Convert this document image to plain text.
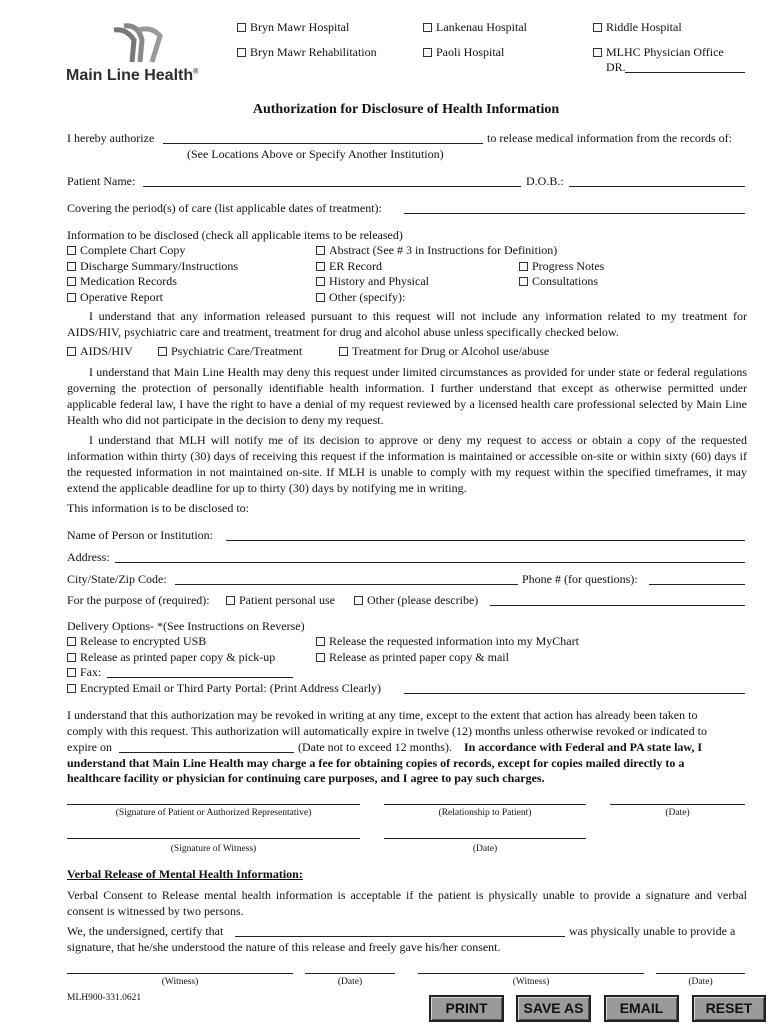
Main Line Health®
Bryn Mawr Hospital	Lankenau Hospital	Riddle Hospital
Bryn Mawr Rehabilitation	Paoli Hospital	MLHC Physician Office
DR.
Authorization for Disclosure of Health Information
I hereby authorize	to release medical information from the records of:
(See Locations Above or Specify Another Institution)
Patient Name:	D.O.B.:
Covering the period(s) of care (list applicable dates of treatment):
Information to be disclosed (check all applicable items to be released)
Complete Chart Copy	Abstract (See # 3 in Instructions for Definition)
Discharge Summary/Instructions	ER Record	Progress Notes
Medication Records	History and Physical	Consultations
Operative Report	Other (specify):
I understand that any information released pursuant to this request will not include any information related to my treatment for AIDS/HIV, psychiatric care and treatment, treatment for drug and alcohol abuse unless specifically checked below.
AIDS/HIV	Psychiatric Care/Treatment	Treatment for Drug or Alcohol use/abuse
I understand that Main Line Health may deny this request under limited circumstances as provided for under state or federal regulations governing the protection of personally identifiable health information. I further understand that except as otherwise permitted under applicable federal law, I have the right to have a denial of my request reviewed by a licensed health care professional selected by Main Line Health who did not participate in the decision to deny my request.
I understand that MLH will notify me of its decision to approve or deny my request to access or obtain a copy of the requested information within thirty (30) days of receiving this request if the information is maintained or accessible on-site or within sixty (60) days if the requested information in not maintained on-site. If MLH is unable to comply with my request within the specified timeframes, it may extend the applicable deadline for up to thirty (30) days by notifying me in writing.
This information is to be disclosed to:
Name of Person or Institution:
Address:
City/State/Zip Code:	Phone # (for questions):
For the purpose of (required):	Patient personal use	Other (please describe)
Delivery Options- *(See Instructions on Reverse)
Release to encrypted USB	Release the requested information into my MyChart
Release as printed paper copy & pick-up	Release as printed paper copy & mail
Fax:
Encrypted Email or Third Party Portal: (Print Address Clearly)
I understand that this authorization may be revoked in writing at any time, except to the extent that action has already been taken to
comply with this request. This authorization will automatically expire in twelve (12) months unless otherwise revoked or indicated to
expire on	(Date not to exceed 12 months). In accordance with Federal and PA state law, I
understand that Main Line Health may charge a fee for obtaining copies of records, except for copies mailed directly to a
healthcare facility or physician for continuing care purposes, and I agree to pay such charges.
(Signature of Patient or Authorized Representative)	(Relationship to Patient)	(Date)
(Signature of Witness)	(Date)
Verbal Release of Mental Health Information:
Verbal Consent to Release mental health information is acceptable if the patient is physically unable to provide a signature and verbal consent is witnessed by two persons.
We, the undersigned, certify that	was physically unable to provide a
signature, that he/she understood the nature of this release and freely gave his/her consent.
(Witness)	(Date)	(Witness)	(Date)
MLH900-331.0621
PRINT	SAVE AS	EMAIL	RESET
